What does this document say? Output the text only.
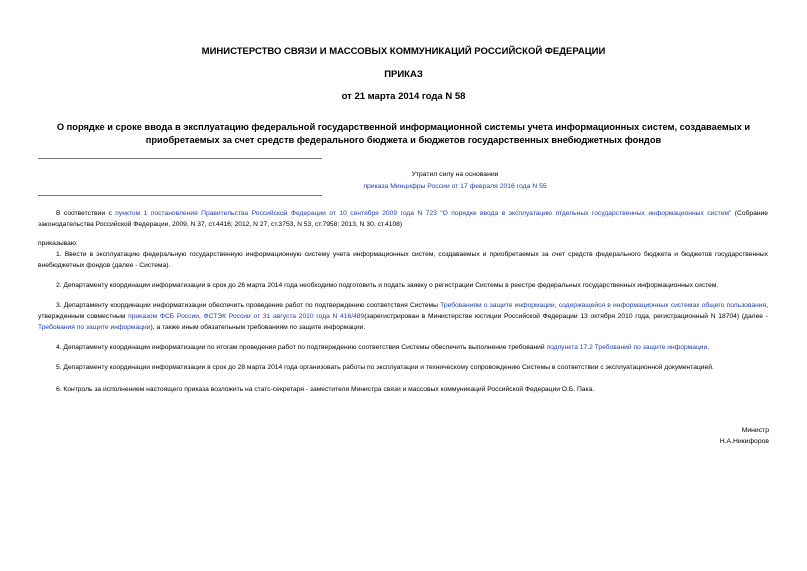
МИНИСТЕРСТВО СВЯЗИ И МАССОВЫХ КОММУНИКАЦИЙ РОССИЙСКОЙ ФЕДЕРАЦИИ
ПРИКАЗ
от 21 марта 2014 года N 58
О порядке и сроке ввода в эксплуатацию федеральной государственной информационной системы учета информационных систем, создаваемых и приобретаемых за счет средств федерального бюджета и бюджетов государственных внебюджетных фондов
Утратил силу на основании
приказа Минцифры России от 17 февраля 2016 года N 55
В соответствии с пунктом 1 постановления Правительства Российской Федерации от 10 сентября 2009 года N 723 "О порядке ввода в эксплуатацию отдельных государственных информационных систем" (Собрание законодательства Российской Федерации, 2009, N 37, ст.4416; 2012, N 27, ст.3753, N 53, ст.7958; 2013, N 30, ст.4108)
приказываю:
1. Ввести в эксплуатацию федеральную государственную информационную систему учета информационных систем, создаваемых и приобретаемых за счет средств федерального бюджета и бюджетов государственных внебюджетных фондов (далее - Система).
2. Департаменту координации информатизации в срок до 26 марта 2014 года необходимо подготовить и подать заявку о регистрации Системы в реестре федеральных государственных информационных систем.
3. Департаменту координации информатизации обеспечить проведение работ по подтверждению соответствия Системы Требованиям о защите информации, содержащейся в информационных системах общего пользования, утвержденным совместным приказом ФСБ России, ФСТЭК России от 31 августа 2010 года N 416/489(зарегистрирован в Министерстве юстиции Российской Федерации 13 октября 2010 года, регистрационный N 18704) (далее - Требования по защите информации), а также иным обязательным требованиям по защите информации.
4. Департаменту координации информатизации по итогам проведения работ по подтверждению соответствия Системы обеспечить выполнение требований подпункта 17.2 Требований по защите информации.
5. Департаменту координации информатизации в срок до 28 марта 2014 года организовать работы по эксплуатации и техническому сопровождению Системы в соответствии с эксплуатационной документацией.
6. Контроль за исполнением настоящего приказа возложить на статс-секретаря - заместителя Министра связи и массовых коммуникаций Российской Федерации О.Б. Пака.
Министр
Н.А.Никифоров
